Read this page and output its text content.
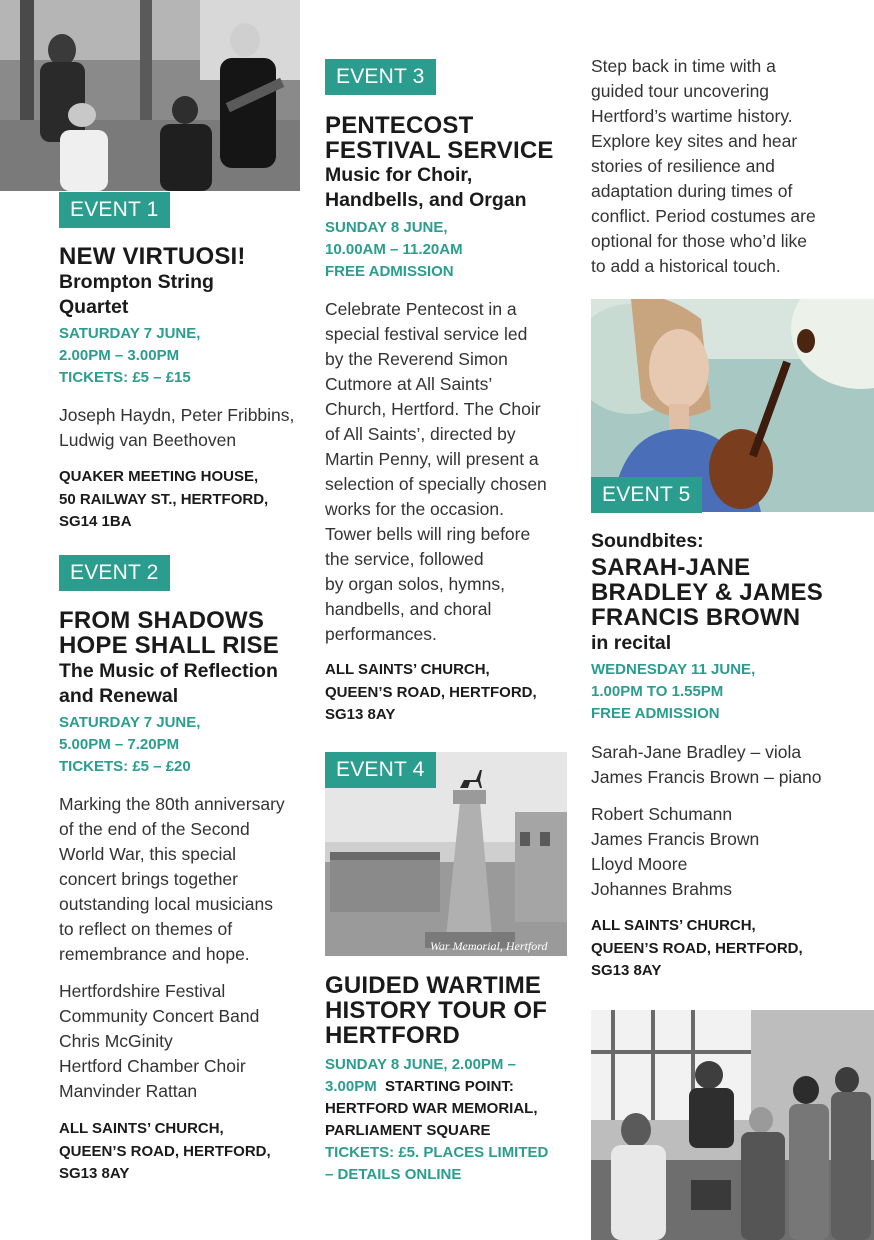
War Memorial, Hertford
EVENT 1
NEW VIRTUOSI!
Brompton String
Quartet
SATURDAY 7 JUNE,
2.00PM – 3.00PM
TICKETS: £5 – £15
Joseph Haydn, Peter Fribbins,
Ludwig van Beethoven
QUAKER MEETING HOUSE,
50 RAILWAY ST., HERTFORD,
SG14 1BA
EVENT 2
FROM SHADOWS
HOPE SHALL RISE
The Music of Reflection
and Renewal
SATURDAY 7 JUNE,
5.00PM – 7.20PM
TICKETS: £5 – £20
Marking the 80th anniversary
of the end of the Second
World War, this special
concert brings together
outstanding local musicians
to reflect on themes of
remembrance and hope.
Hertfordshire Festival
Community Concert Band
Chris McGinity
Hertford Chamber Choir
Manvinder Rattan
ALL SAINTS’ CHURCH,
QUEEN’S ROAD, HERTFORD,
SG13 8AY
EVENT 3
PENTECOST
FESTIVAL SERVICE
Music for Choir,
Handbells, and Organ
SUNDAY 8 JUNE,
10.00AM – 11.20AM
FREE ADMISSION
Celebrate Pentecost in a
special festival service led
by the Reverend Simon
Cutmore at All Saints’
Church, Hertford. The Choir
of All Saints’, directed by
Martin Penny, will present a
selection of specially chosen
works for the occasion.
Tower bells will ring before
the service, followed
by organ solos, hymns,
handbells, and choral
performances.
ALL SAINTS’ CHURCH,
QUEEN’S ROAD, HERTFORD,
SG13 8AY
EVENT 4
GUIDED WARTIME
HISTORY TOUR OF
HERTFORD
SUNDAY 8 JUNE, 2.00PM –
3.00PM STARTING POINT:
HERTFORD WAR MEMORIAL,
PARLIAMENT SQUARE
TICKETS: £5. PLACES LIMITED
– DETAILS ONLINE
Step back in time with a
guided tour uncovering
Hertford’s wartime history.
Explore key sites and hear
stories of resilience and
adaptation during times of
conflict. Period costumes are
optional for those who’d like
to add a historical touch.
EVENT 5
Soundbites:
SARAH-JANE
BRADLEY & JAMES
FRANCIS BROWN
in recital
WEDNESDAY 11 JUNE,
1.00PM TO 1.55PM
FREE ADMISSION
Sarah-Jane Bradley – viola
James Francis Brown – piano
Robert Schumann
James Francis Brown
Lloyd Moore
Johannes Brahms
ALL SAINTS’ CHURCH,
QUEEN’S ROAD, HERTFORD,
SG13 8AY
